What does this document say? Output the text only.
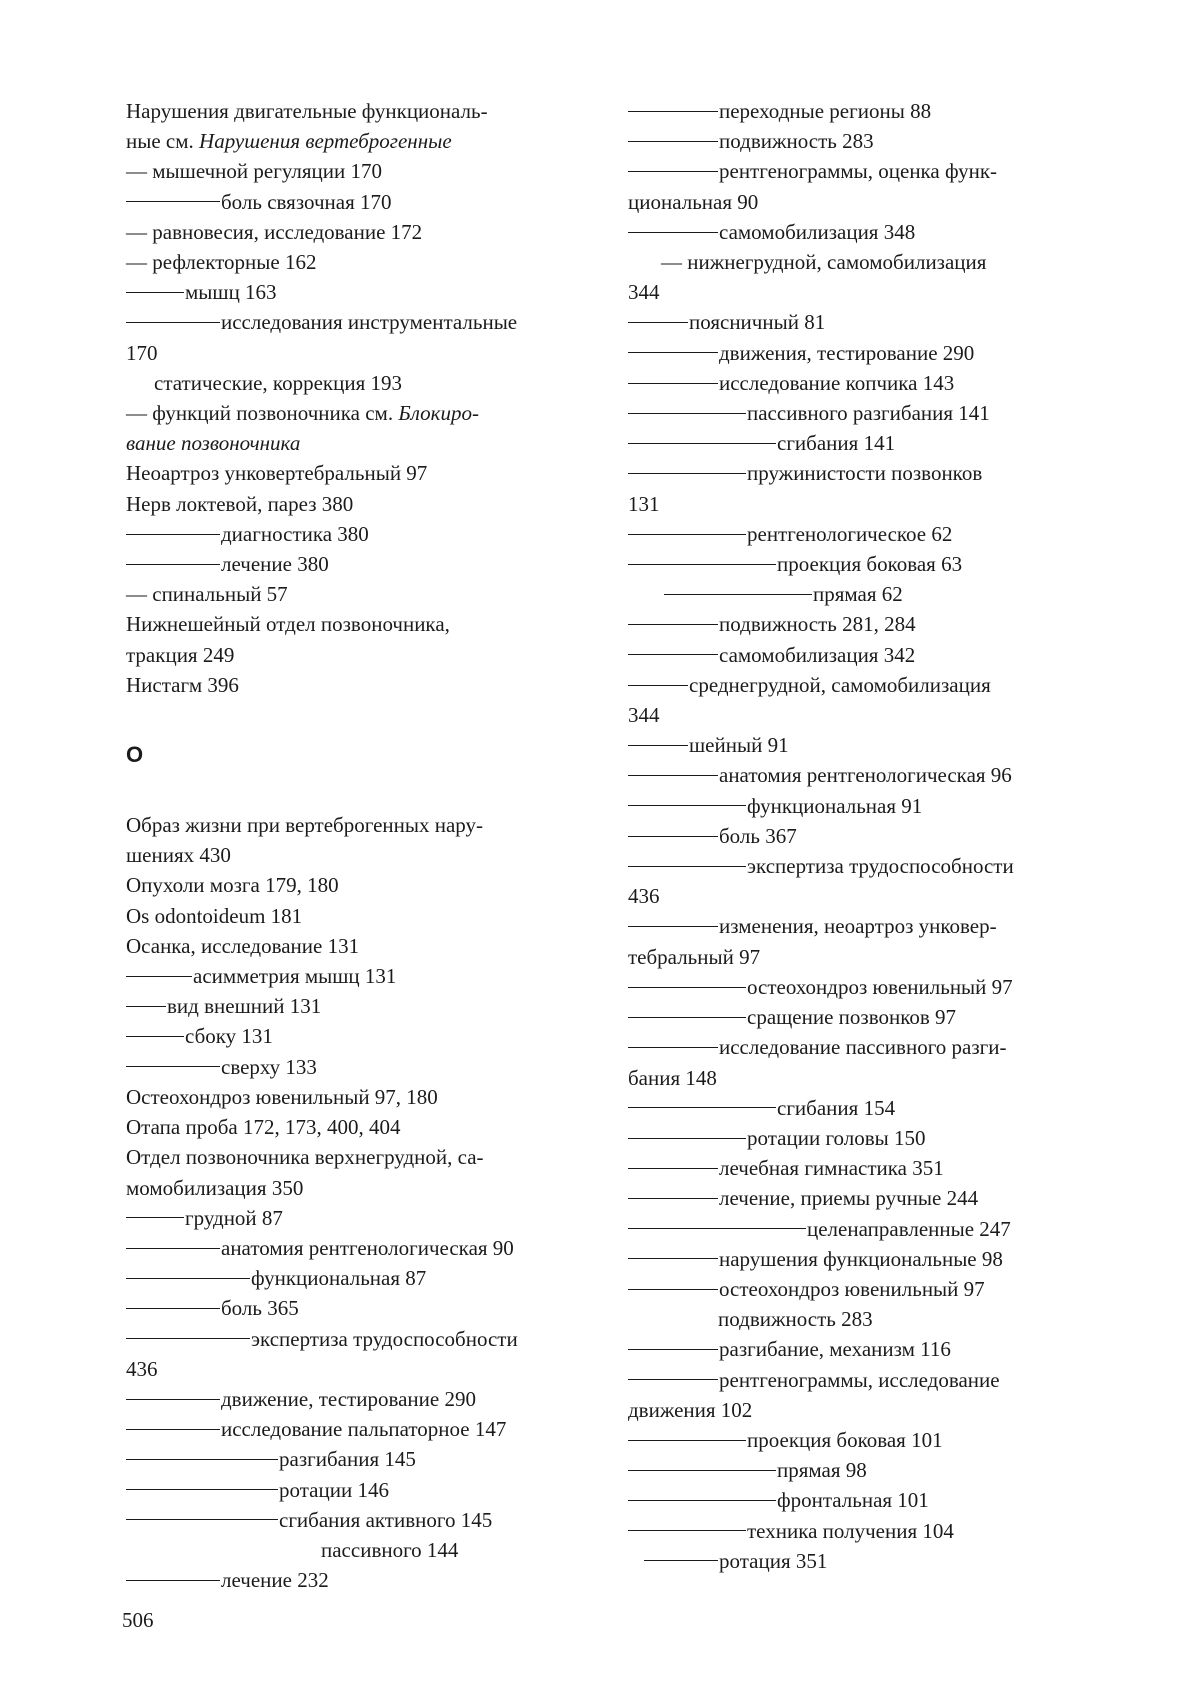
Нарушения двигательные функциональ-
ные см. Нарушения вертеброгенные
— мышечной регуляции 170
боль связочная 170
— равновесия, исследование 172
— рефлекторные 162
мышц 163
исследования инструментальные
170
статические, коррекция 193
— функций позвоночника см. Блокиро-
вание позвоночника
Неоартроз унковертебральный 97
Нерв локтевой, парез 380
диагностика 380
лечение 380
— спинальный 57
Нижнешейный отдел позвоночника,
тракция 249
Нистагм 396
О
Образ жизни при вертеброгенных нару-
шениях 430
Опухоли мозга 179, 180
Os odontoideum 181
Осанка, исследование 131
асимметрия мышц 131
вид внешний 131
сбоку 131
сверху 133
Остеохондроз ювенильный 97, 180
Отапа проба 172, 173, 400, 404
Отдел позвоночника верхнегрудной, са-
момобилизация 350
грудной 87
анатомия рентгенологическая 90
функциональная 87
боль 365
экспертиза трудоспособности
436
движение, тестирование 290
исследование пальпаторное 147
разгибания 145
ротации 146
сгибания активного 145
пассивного 144
лечение 232
переходные регионы 88
подвижность 283
рентгенограммы, оценка функ-
циональная 90
самомобилизация 348
— нижнегрудной, самомобилизация
344
поясничный 81
движения, тестирование 290
исследование копчика 143
пассивного разгибания 141
сгибания 141
пружинистости позвонков
131
рентгенологическое 62
проекция боковая 63
прямая 62
подвижность 281, 284
самомобилизация 342
среднегрудной, самомобилизация
344
шейный 91
анатомия рентгенологическая 96
функциональная 91
боль 367
экспертиза трудоспособности
436
изменения, неоартроз унковер-
тебральный 97
остеохондроз ювенильный 97
сращение позвонков 97
исследование пассивного разги-
бания 148
сгибания 154
ротации головы 150
лечебная гимнастика 351
лечение, приемы ручные 244
целенаправленные 247
нарушения функциональные 98
остеохондроз ювенильный 97
подвижность 283
разгибание, механизм 116
рентгенограммы, исследование
движения 102
проекция боковая 101
прямая 98
фронтальная 101
техника получения 104
ротация 351
506
